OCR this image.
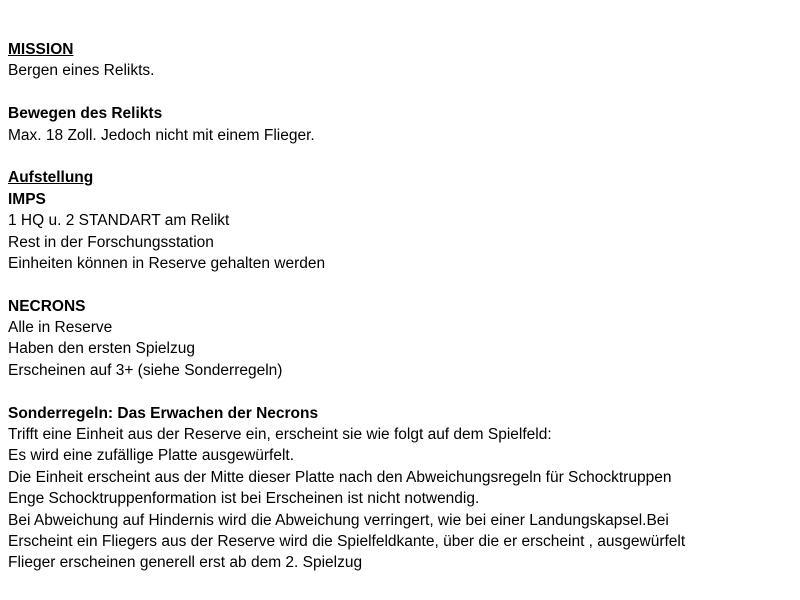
MISSION
Bergen eines Relikts.
Bewegen des Relikts
Max. 18 Zoll. Jedoch nicht mit einem Flieger.
Aufstellung
IMPS
1 HQ u. 2 STANDART am Relikt
Rest in der Forschungsstation
Einheiten können in Reserve gehalten werden
NECRONS
Alle in Reserve
Haben den ersten Spielzug
Erscheinen auf 3+ (siehe Sonderregeln)
Sonderregeln: Das Erwachen der Necrons
Trifft eine Einheit aus der Reserve ein, erscheint sie wie folgt auf dem Spielfeld:
Es wird eine zufällige Platte ausgewürfelt.
Die Einheit erscheint aus der Mitte dieser Platte nach den Abweichungsregeln für Schocktruppen
Enge Schocktruppenformation ist bei Erscheinen ist nicht notwendig.
Bei Abweichung auf Hindernis wird die Abweichung verringert, wie bei einer Landungskapsel.Bei
Erscheint ein Fliegers aus der Reserve wird die Spielfeldkante, über die er erscheint , ausgewürfelt
Flieger erscheinen generell erst ab dem 2. Spielzug
